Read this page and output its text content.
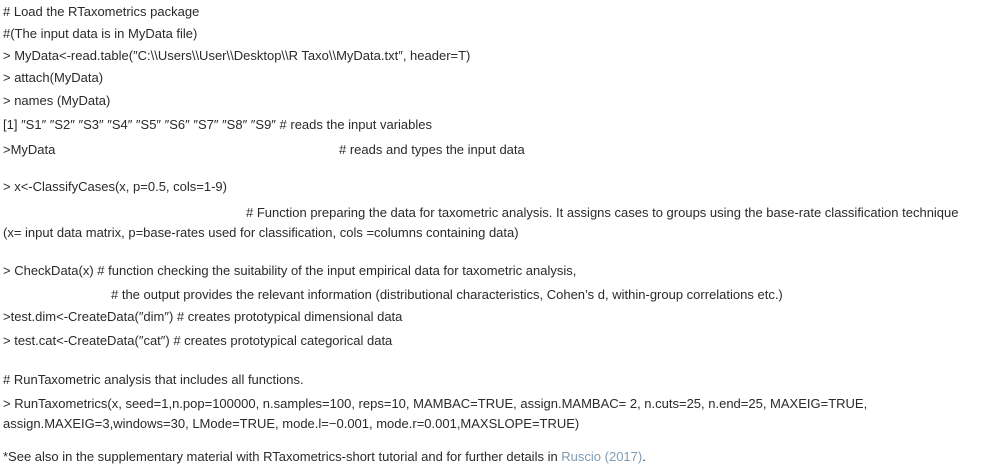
# Load the RTaxometrics package
#(The input data is in MyData file)
> MyData<-read.table(″C:\\Users\\User\\Desktop\\R Taxo\\MyData.txt″, header=T)
> attach(MyData)
> names (MyData)
[1] ″S1″ ″S2″ ″S3″ ″S4″ ″S5″ ″S6″ ″S7″ ″S8″ ″S9″ # reads the input variables
>MyData	# reads and types the input data
> x<-ClassifyCases(x, p=0.5, cols=1-9)
# Function preparing the data for taxometric analysis. It assigns cases to groups using the base-rate classification technique
(x= input data matrix, p=base-rates used for classification, cols =columns containing data)
> CheckData(x) # function checking the suitability of the input empirical data for taxometric analysis,
# the output provides the relevant information (distributional characteristics, Cohen’s d, within-group correlations etc.)
>test.dim<-CreateData(″dim″) # creates prototypical dimensional data
> test.cat<-CreateData(″cat″) # creates prototypical categorical data
# RunTaxometric analysis that includes all functions.
> RunTaxometrics(x, seed=1,n.pop=100000, n.samples=100, reps=10, MAMBAC=TRUE, assign.MAMBAC= 2, n.cuts=25, n.end=25, MAXEIG=TRUE,
assign.MAXEIG=3,windows=30, LMode=TRUE, mode.l=−0.001, mode.r=0.001,MAXSLOPE=TRUE)
*See also in the supplementary material with RTaxometrics-short tutorial and for further details in Ruscio (2017).
